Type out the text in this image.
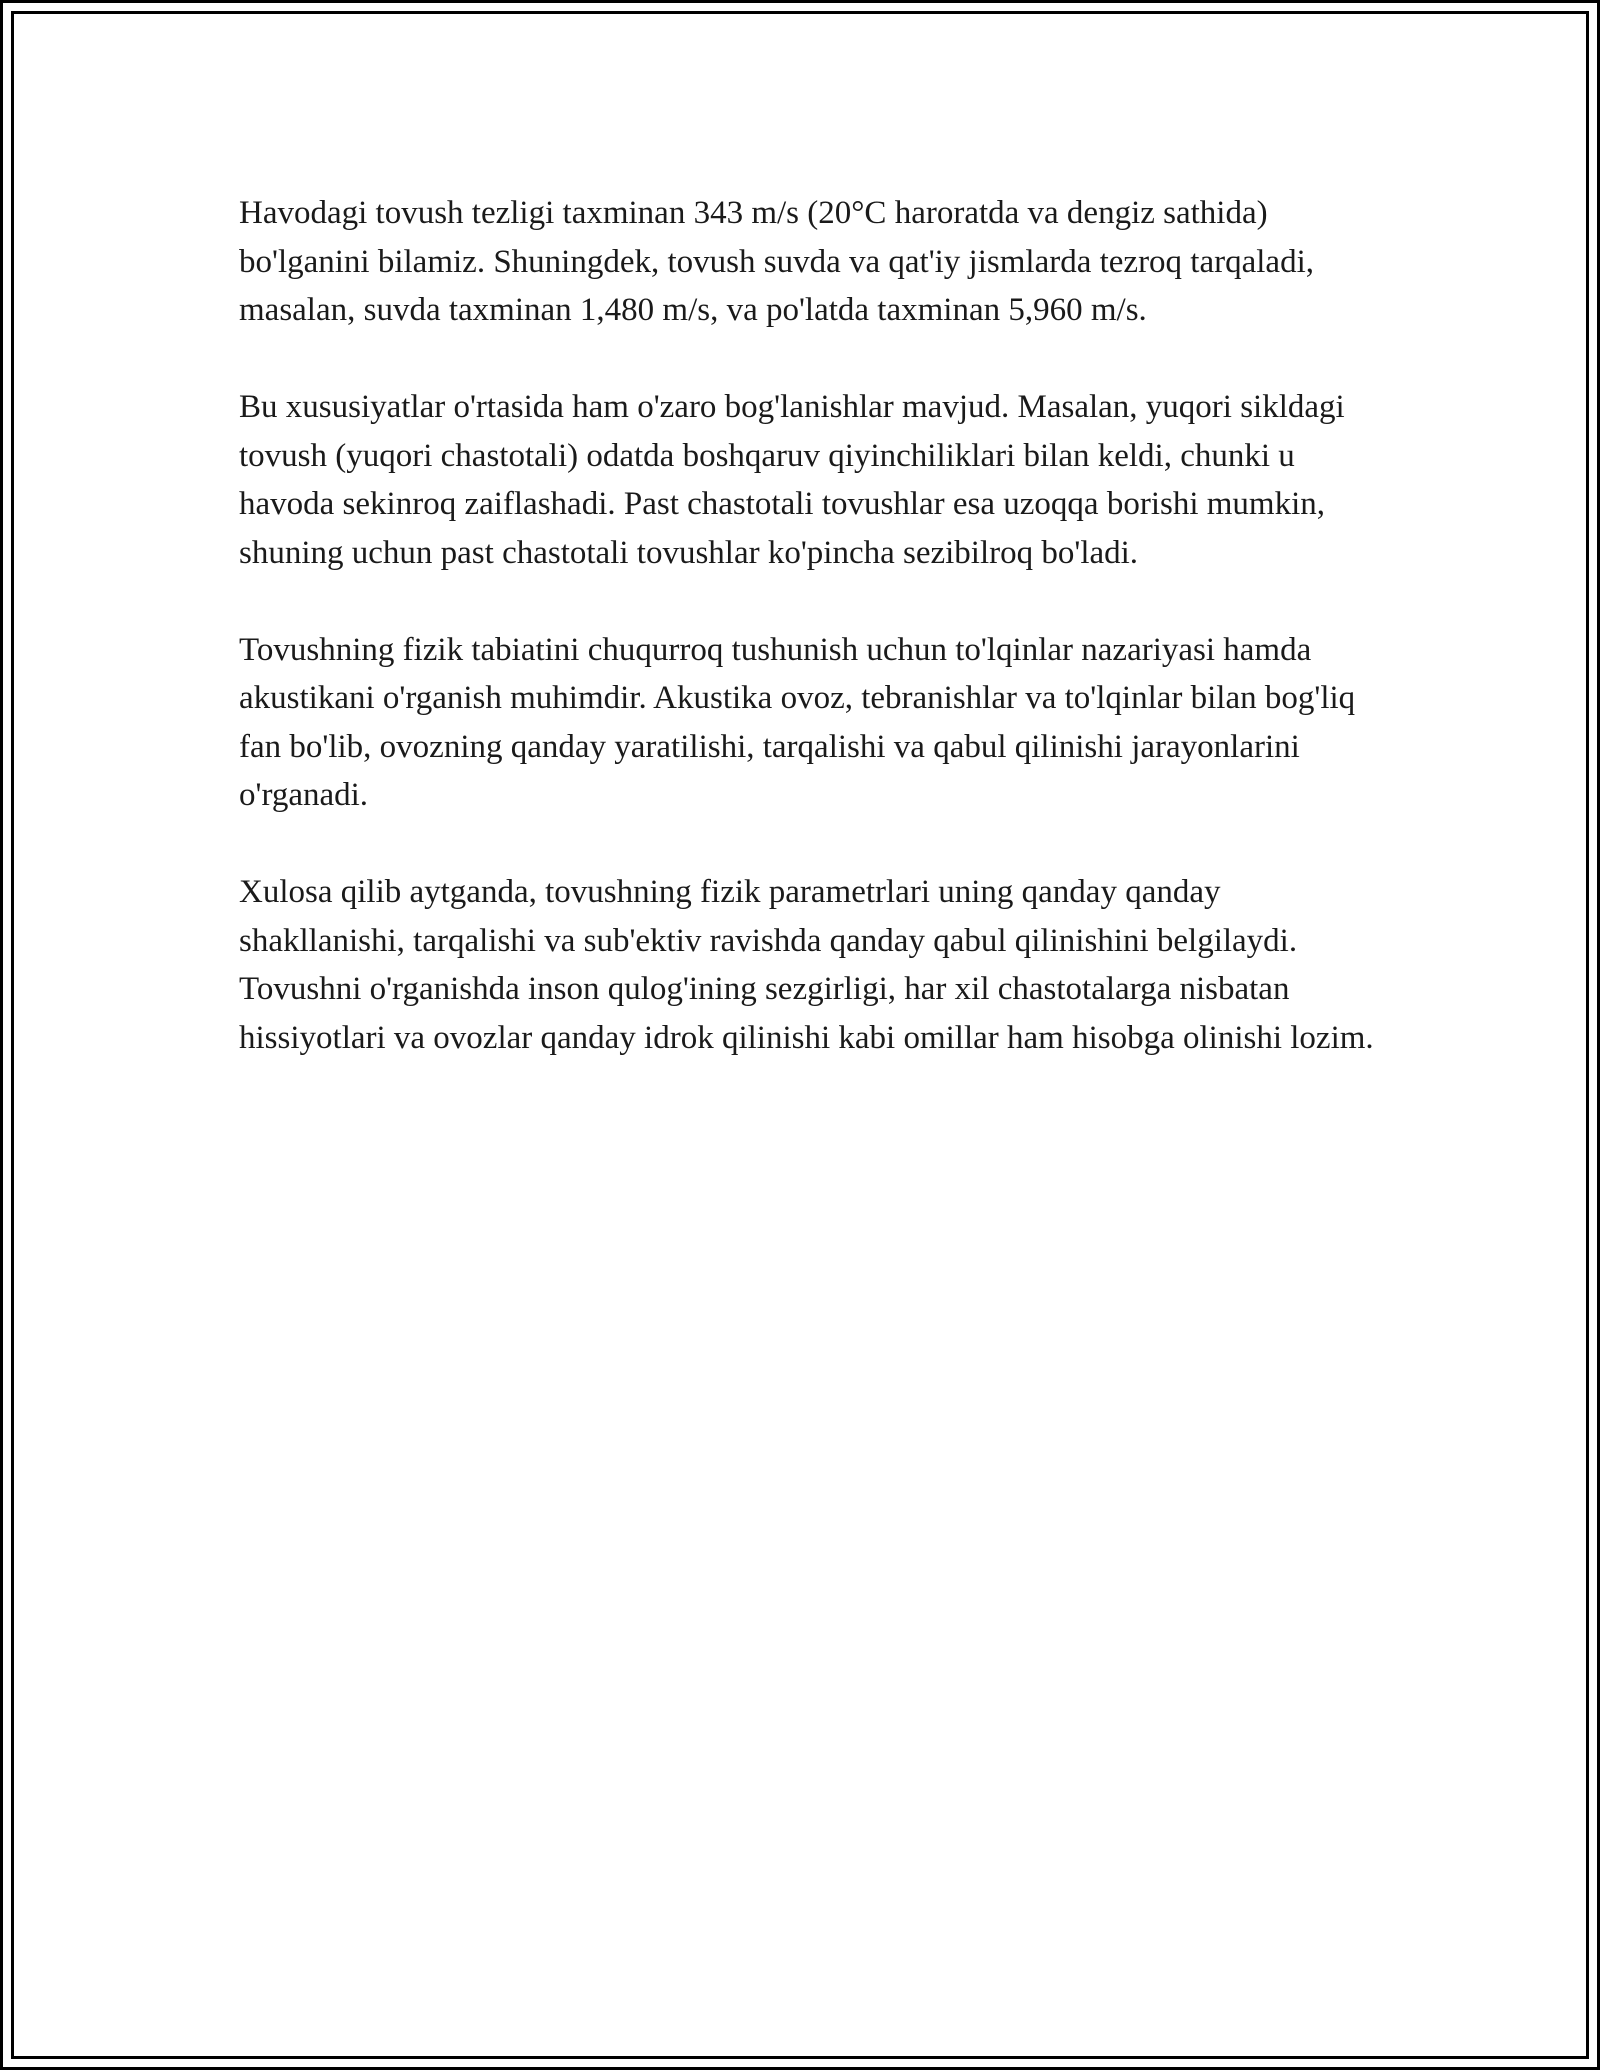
Havodagi tovush tezligi taxminan 343 m/s (20°C haroratda va dengiz sathida) bo'lganini bilamiz. Shuningdek, tovush suvda va qat'iy jismlarda tezroq tarqaladi, masalan, suvda taxminan 1,480 m/s, va po'latda taxminan 5,960 m/s.

Bu xususiyatlar o'rtasida ham o'zaro bog'lanishlar mavjud. Masalan, yuqori sikldagi tovush (yuqori chastotali) odatda boshqaruv qiyinchiliklari bilan keldi, chunki u havoda sekinroq zaiflashadi. Past chastotali tovushlar esa uzoqqa borishi mumkin, shuning uchun past chastotali tovushlar ko'pincha sezibilroq bo'ladi.

Tovushning fizik tabiatini chuqurroq tushunish uchun to'lqinlar nazariyasi hamda akustikani o'rganish muhimdir. Akustika ovoz, tebranishlar va to'lqinlar bilan bog'liq fan bo'lib, ovozning qanday yaratilishi, tarqalishi va qabul qilinishi jarayonlarini o'rganadi.

Xulosa qilib aytganda, tovushning fizik parametrlari uning qanday qanday shakllanishi, tarqalishi va sub'ektiv ravishda qanday qabul qilinishini belgilaydi. Tovushni o'rganishda inson qulog'ining sezgirligi, har xil chastotalarga nisbatan hissiyotlari va ovozlar qanday idrok qilinishi kabi omillar ham hisobga olinishi lozim.
